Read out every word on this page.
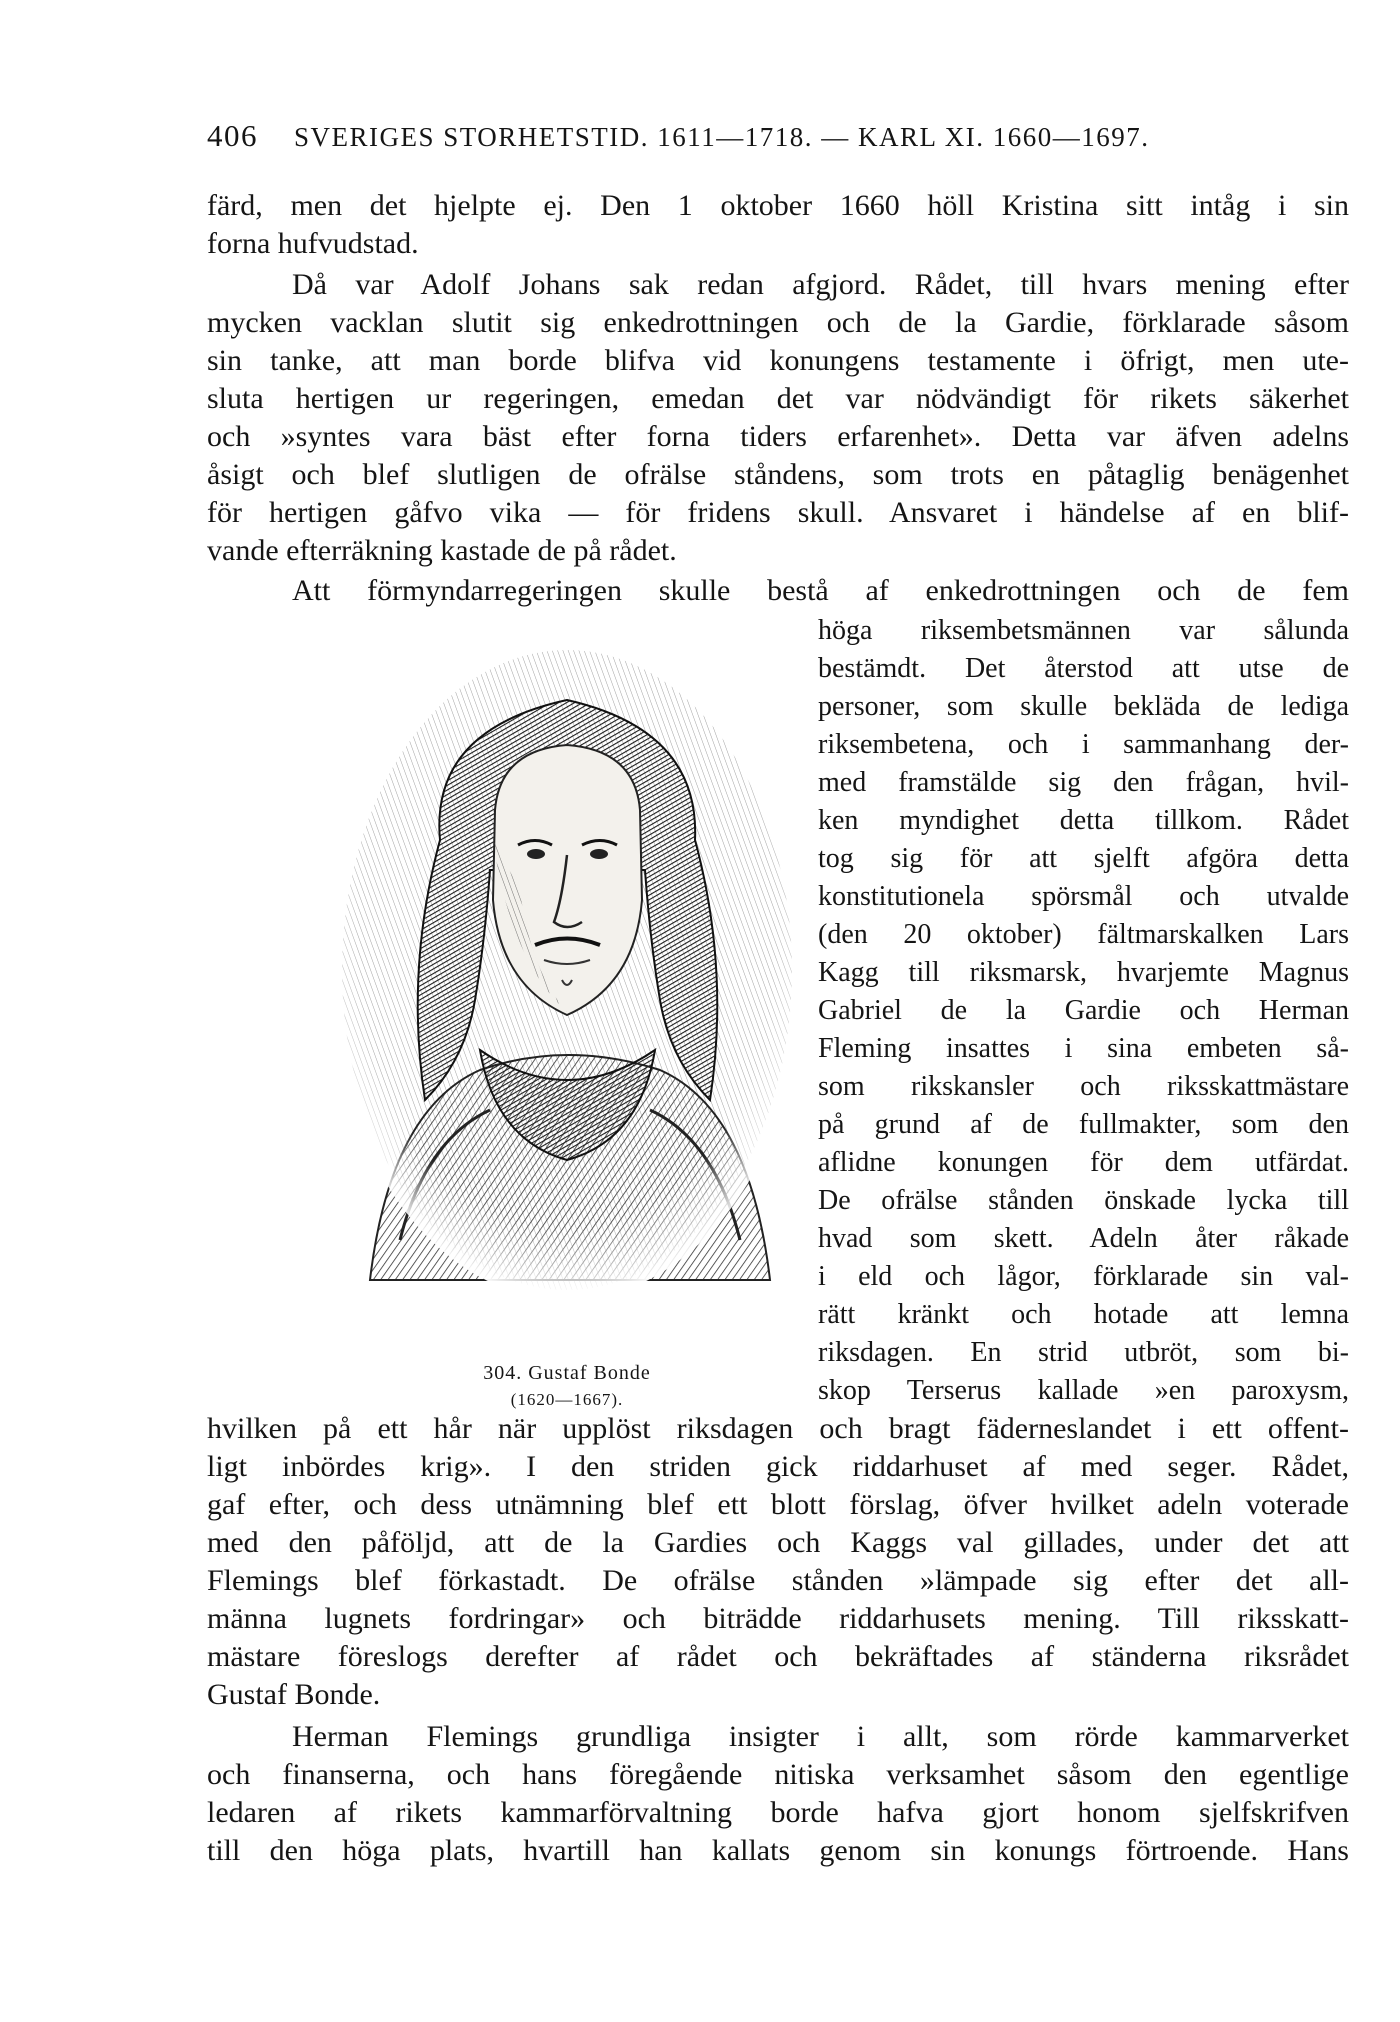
406 SVERIGES STORHETSTID. 1611—1718. — KARL XI. 1660—1697.
färd, men det hjelpte ej. Den 1 oktober 1660 höll Kristina sitt intåg i sin
forna hufvudstad.
Då var Adolf Johans sak redan afgjord. Rådet, till hvars mening efter
mycken vacklan slutit sig enkedrottningen och de la Gardie, förklarade såsom
sin tanke, att man borde blifva vid konungens testamente i öfrigt, men ute-
sluta hertigen ur regeringen, emedan det var nödvändigt för rikets säkerhet
och »syntes vara bäst efter forna tiders erfarenhet». Detta var äfven adelns
åsigt och blef slutligen de ofrälse ståndens, som trots en påtaglig benägenhet
för hertigen gåfvo vika — för fridens skull. Ansvaret i händelse af en blif-
vande efterräkning kastade de på rådet.
Att förmyndarregeringen skulle bestå af enkedrottningen och de fem
höga riksembetsmännen var sålunda
bestämdt. Det återstod att utse de
personer, som skulle bekläda de lediga
riksembetena, och i sammanhang der-
med framstälde sig den frågan, hvil-
ken myndighet detta tillkom. Rådet
tog sig för att sjelft afgöra detta
konstitutionela spörsmål och utvalde
(den 20 oktober) fältmarskalken Lars
Kagg till riksmarsk, hvarjemte Magnus
Gabriel de la Gardie och Herman
Fleming insattes i sina embeten så-
som rikskansler och riksskattmästare
på grund af de fullmakter, som den
aflidne konungen för dem utfärdat.
De ofrälse stånden önskade lycka till
hvad som skett. Adeln åter råkade
i eld och lågor, förklarade sin val-
rätt kränkt och hotade att lemna
riksdagen. En strid utbröt, som bi-
skop Terserus kallade »en paroxysm,
hvilken på ett hår när upplöst riksdagen och bragt fäderneslandet i ett offent-
ligt inbördes krig». I den striden gick riddarhuset af med seger. Rådet,
gaf efter, och dess utnämning blef ett blott förslag, öfver hvilket adeln voterade
med den påföljd, att de la Gardies och Kaggs val gillades, under det att
Flemings blef förkastadt. De ofrälse stånden »lämpade sig efter det all-
männa lugnets fordringar» och biträdde riddarhusets mening. Till riksskatt-
mästare föreslogs derefter af rådet och bekräftades af ständerna riksrådet
Gustaf Bonde.
Herman Flemings grundliga insigter i allt, som rörde kammarverket
och finanserna, och hans föregående nitiska verksamhet såsom den egentlige
ledaren af rikets kammarförvaltning borde hafva gjort honom sjelfskrifven
till den höga plats, hvartill han kallats genom sin konungs förtroende. Hans
304. Gustaf Bonde
(1620—1667).
